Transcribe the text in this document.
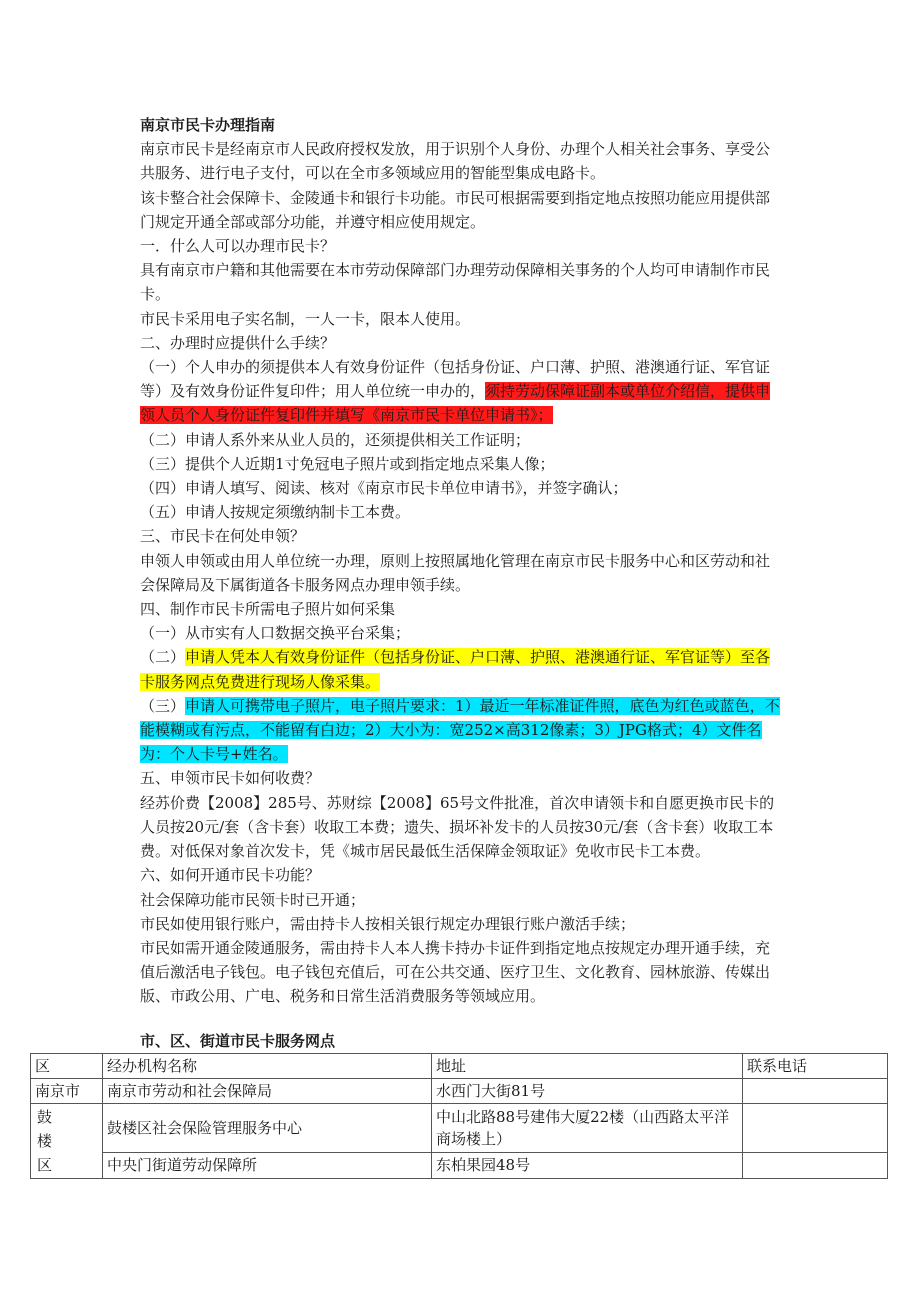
南京市民卡办理指南

南京市民卡是经南京市人民政府授权发放，用于识别个人身份、办理个人相关社会事务、享受公共服务、进行电子支付，可以在全市多领域应用的智能型集成电路卡。

该卡整合社会保障卡、金陵通卡和银行卡功能。市民可根据需要到指定地点按照功能应用提供部门规定开通全部或部分功能，并遵守相应使用规定。

一．什么人可以办理市民卡？

具有南京市户籍和其他需要在本市劳动保障部门办理劳动保障相关事务的个人均可申请制作市民卡。

市民卡采用电子实名制，一人一卡，限本人使用。

二、办理时应提供什么手续？

（一）个人申办的须提供本人有效身份证件（包括身份证、户口薄、护照、港澳通行证、军官证等）及有效身份证件复印件；用人单位统一申办的，须持劳动保障证副本或单位介绍信，提供申领人员个人身份证件复印件并填写《南京市民卡单位申请书》；

（二）申请人系外来从业人员的，还须提供相关工作证明；

（三）提供个人近期1寸免冠电子照片或到指定地点采集人像；

（四）申请人填写、阅读、核对《南京市民卡单位申请书》，并签字确认；

（五）申请人按规定须缴纳制卡工本费。

三、市民卡在何处申领？

申领人申领或由用人单位统一办理，原则上按照属地化管理在南京市民卡服务中心和区劳动和社会保障局及下属街道各卡服务网点办理申领手续。

四、制作市民卡所需电子照片如何采集

（一）从市实有人口数据交换平台采集；

（二）申请人凭本人有效身份证件（包括身份证、户口薄、护照、港澳通行证、军官证等）至各卡服务网点免费进行现场人像采集。

（三）申请人可携带电子照片，电子照片要求：1）最近一年标准证件照，底色为红色或蓝色，不能模糊或有污点，不能留有白边；2）大小为：宽252×高312像素；3）JPG格式；4）文件名为：个人卡号+姓名。

五、申领市民卡如何收费？

经苏价费【2008】285号、苏财综【2008】65号文件批准，首次申请领卡和自愿更换市民卡的人员按20元/套（含卡套）收取工本费；遗失、损坏补发卡的人员按30元/套（含卡套）收取工本费。对低保对象首次发卡，凭《城市居民最低生活保障金领取证》免收市民卡工本费。

六、如何开通市民卡功能？

社会保障功能市民领卡时已开通；

市民如使用银行账户，需由持卡人按相关银行规定办理银行账户激活手续；

市民如需开通金陵通服务，需由持卡人本人携卡持办卡证件到指定地点按规定办理开通手续，充值后激活电子钱包。电子钱包充值后，可在公共交通、医疗卫生、文化教育、园林旅游、传媒出版、市政公用、广电、税务和日常生活消费服务等领域应用。

市、区、街道市民卡服务网点
区	经办机构名称	地址	联系电话
南京市	南京市劳动和社会保障局	水西门大街81号	

鼓
楼
区	鼓楼区社会保险管理服务中心	中山北路88号建伟大厦22楼（山西路太平洋商场楼上）	
	中央门街道劳动保障所	东柏果园48号	
